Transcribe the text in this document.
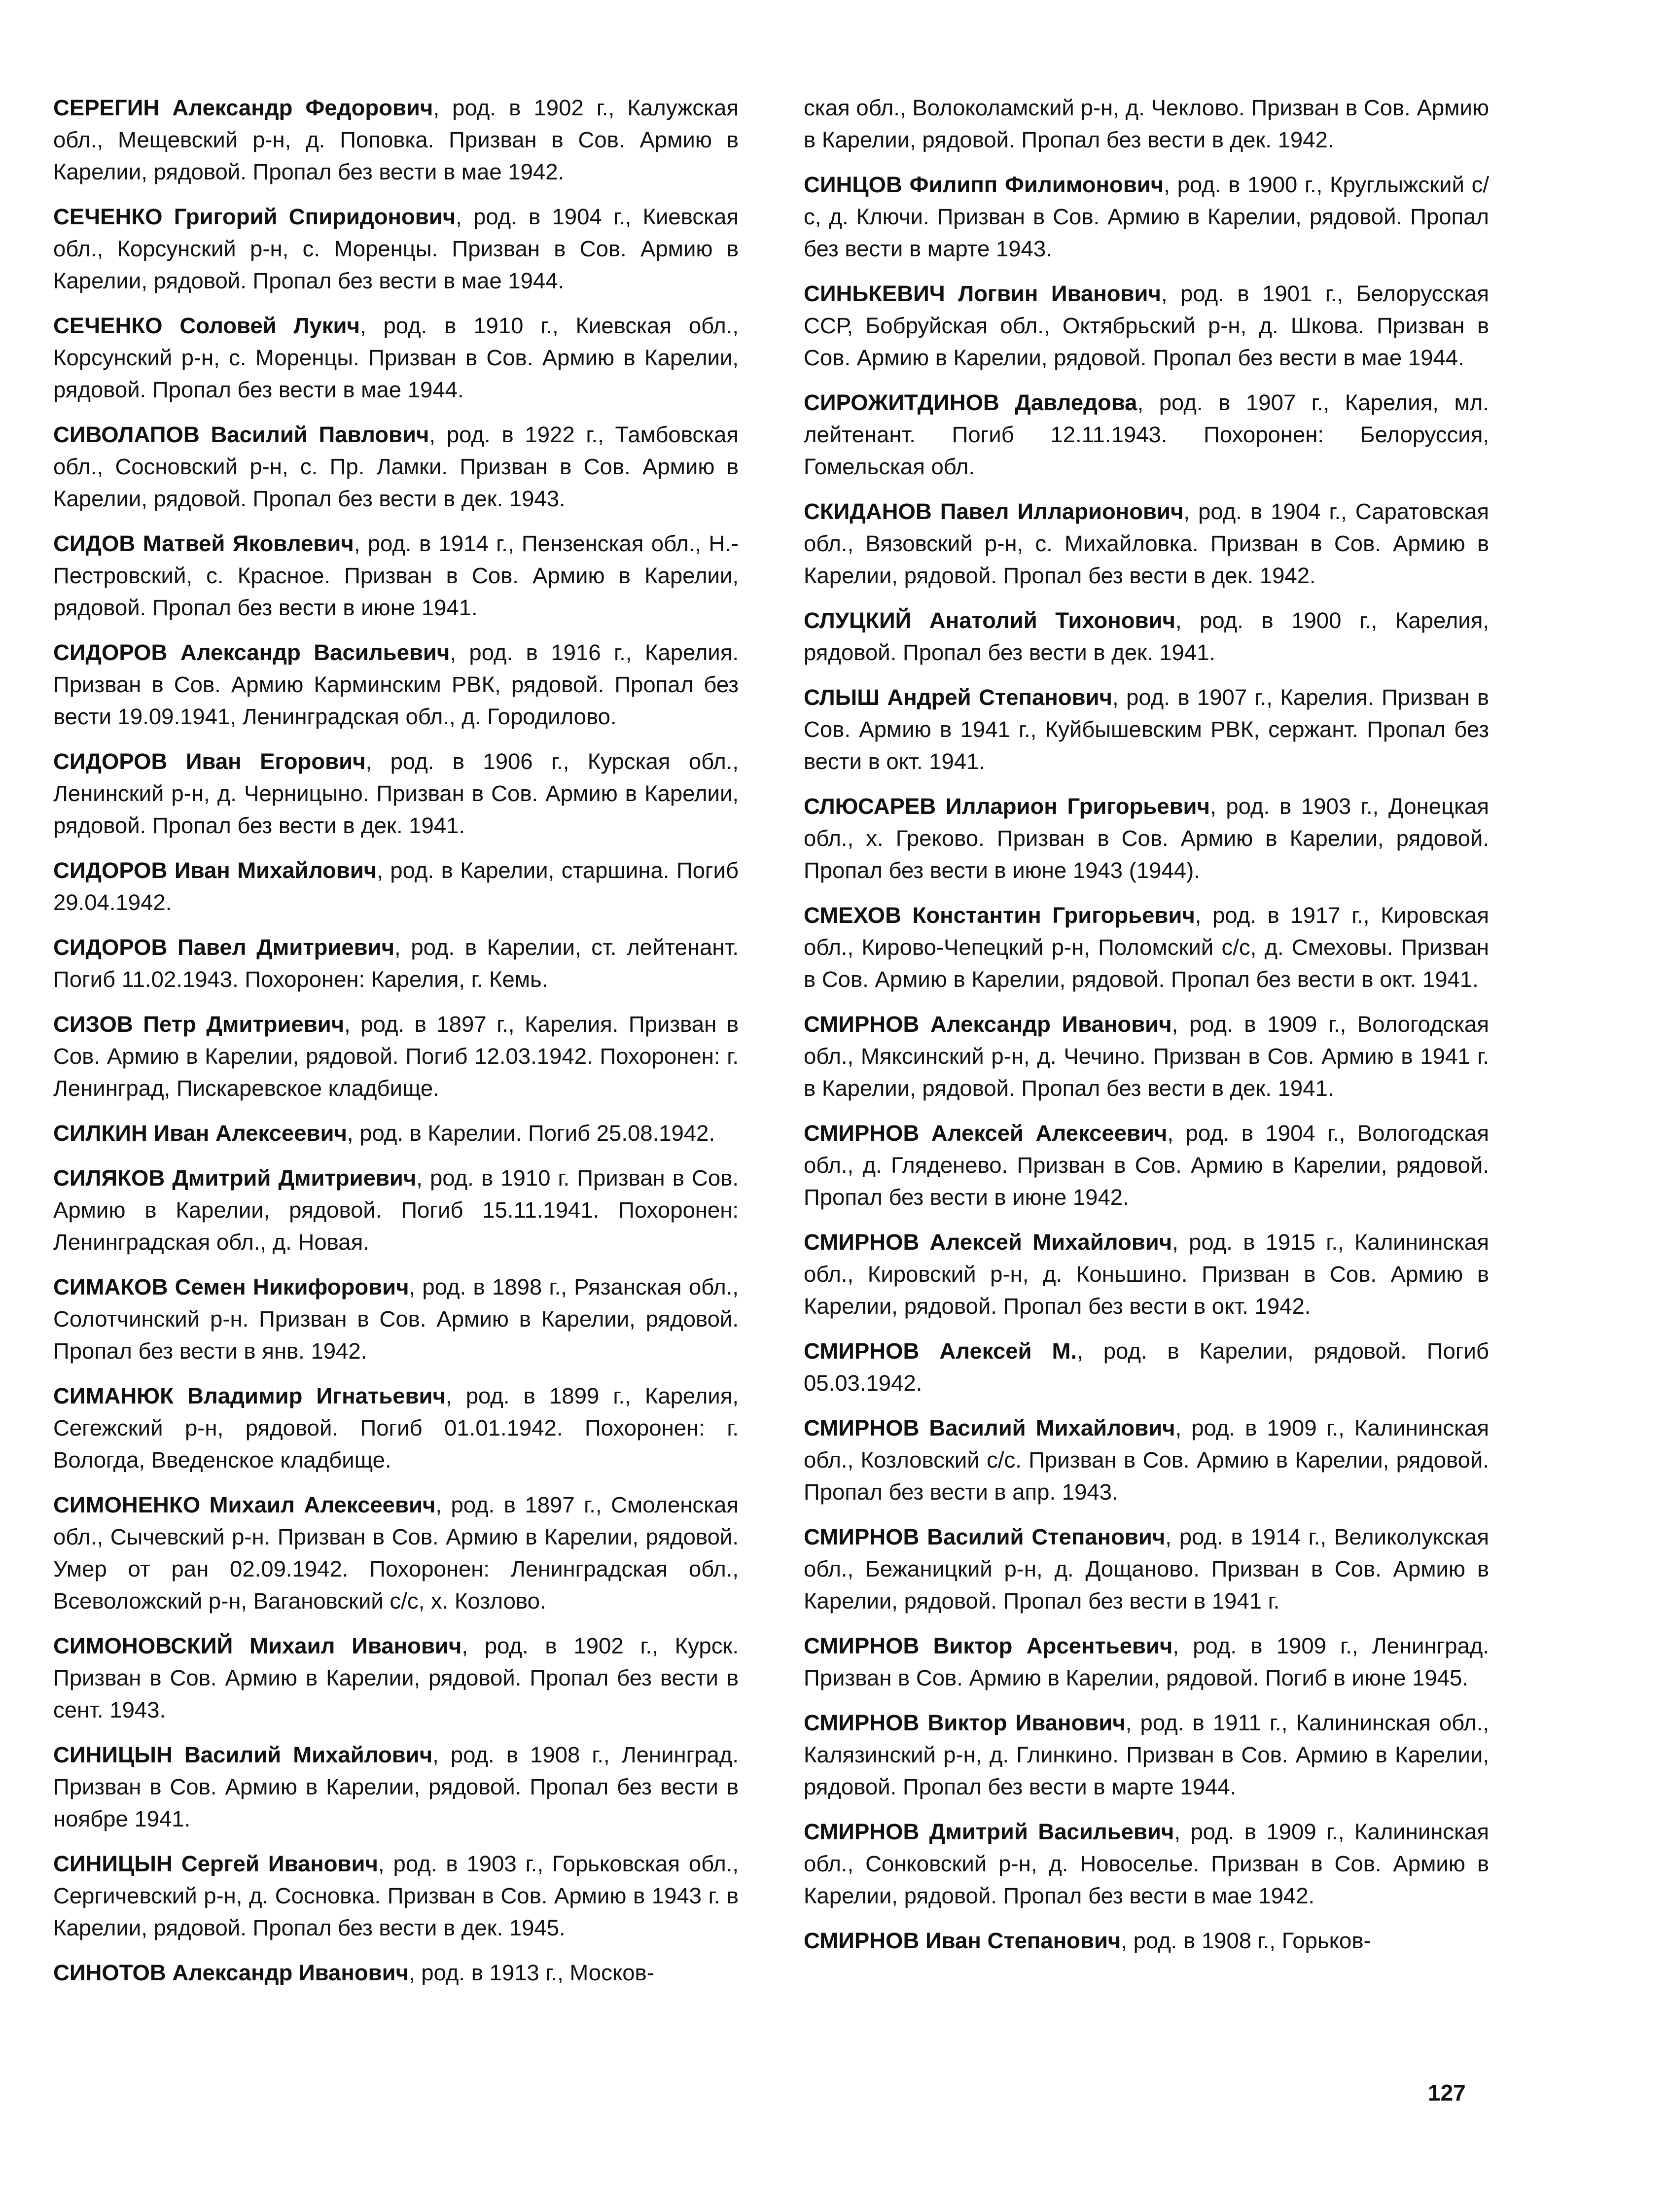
СЕРЕГИН Александр Федорович, род. в 1902 г., Калужская обл., Мещевский р-н, д. Поповка. Призван в Сов. Армию в Карелии, рядовой. Пропал без вести в мае 1942.

СЕЧЕНКО Григорий Спиридонович, род. в 1904 г., Киевская обл., Корсунский р-н, с. Моренцы. Призван в Сов. Армию в Карелии, рядовой. Пропал без вести в мае 1944.

СЕЧЕНКО Соловей Лукич, род. в 1910 г., Киевская обл., Корсунский р-н, с. Моренцы. Призван в Сов. Армию в Карелии, рядовой. Пропал без вести в мае 1944.

СИВОЛАПОВ Василий Павлович, род. в 1922 г., Тамбовская обл., Сосновский р-н, с. Пр. Ламки. Призван в Сов. Армию в Карелии, рядовой. Пропал без вести в дек. 1943.

СИДОВ Матвей Яковлевич, род. в 1914 г., Пензенская обл., Н.-Пестровский, с. Красное. Призван в Сов. Армию в Карелии, рядовой. Пропал без вести в июне 1941.

СИДОРОВ Александр Васильевич, род. в 1916 г., Карелия. Призван в Сов. Армию Карминским РВК, рядовой. Пропал без вести 19.09.1941, Ленинградская обл., д. Городилово.

СИДОРОВ Иван Егорович, род. в 1906 г., Курская обл., Ленинский р-н, д. Черницыно. Призван в Сов. Армию в Карелии, рядовой. Пропал без вести в дек. 1941.

СИДОРОВ Иван Михайлович, род. в Карелии, старшина. Погиб 29.04.1942.

СИДОРОВ Павел Дмитриевич, род. в Карелии, ст. лейтенант. Погиб 11.02.1943. Похоронен: Карелия, г. Кемь.

СИЗОВ Петр Дмитриевич, род. в 1897 г., Карелия. Призван в Сов. Армию в Карелии, рядовой. Погиб 12.03.1942. Похоронен: г. Ленинград, Пискаревское кладбище.

СИЛКИН Иван Алексеевич, род. в Карелии. Погиб 25.08.1942.

СИЛЯКОВ Дмитрий Дмитриевич, род. в 1910 г. Призван в Сов. Армию в Карелии, рядовой. Погиб 15.11.1941. Похоронен: Ленинградская обл., д. Новая.

СИМАКОВ Семен Никифорович, род. в 1898 г., Рязанская обл., Солотчинский р-н. Призван в Сов. Армию в Карелии, рядовой. Пропал без вести в янв. 1942.

СИМАНЮК Владимир Игнатьевич, род. в 1899 г., Карелия, Сегежский р-н, рядовой. Погиб 01.01.1942. Похоронен: г. Вологда, Введенское кладбище.

СИМОНЕНКО Михаил Алексеевич, род. в 1897 г., Смоленская обл., Сычевский р-н. Призван в Сов. Армию в Карелии, рядовой. Умер от ран 02.09.1942. Похоронен: Ленинградская обл., Всеволожский р-н, Вагановский с/с, х. Козлово.

СИМОНОВСКИЙ Михаил Иванович, род. в 1902 г., Курск. Призван в Сов. Армию в Карелии, рядовой. Пропал без вести в сент. 1943.

СИНИЦЫН Василий Михайлович, род. в 1908 г., Ленинград. Призван в Сов. Армию в Карелии, рядовой. Пропал без вести в ноябре 1941.

СИНИЦЫН Сергей Иванович, род. в 1903 г., Горьковская обл., Сергичевский р-н, д. Сосновка. Призван в Сов. Армию в 1943 г. в Карелии, рядовой. Пропал без вести в дек. 1945.

СИНОТОВ Александр Иванович, род. в 1913 г., Москов-

ская обл., Волоколамский р-н, д. Чеклово. Призван в Сов. Армию в Карелии, рядовой. Пропал без вести в дек. 1942.

СИНЦОВ Филипп Филимонович, род. в 1900 г., Круглыжский с/с, д. Ключи. Призван в Сов. Армию в Карелии, рядовой. Пропал без вести в марте 1943.

СИНЬКЕВИЧ Логвин Иванович, род. в 1901 г., Белорусская ССР, Бобруйская обл., Октябрьский р-н, д. Шкова. Призван в Сов. Армию в Карелии, рядовой. Пропал без вести в мае 1944.

СИРОЖИТДИНОВ Давледова, род. в 1907 г., Карелия, мл. лейтенант. Погиб 12.11.1943. Похоронен: Белоруссия, Гомельская обл.

СКИДАНОВ Павел Илларионович, род. в 1904 г., Саратовская обл., Вязовский р-н, с. Михайловка. Призван в Сов. Армию в Карелии, рядовой. Пропал без вести в дек. 1942.

СЛУЦКИЙ Анатолий Тихонович, род. в 1900 г., Карелия, рядовой. Пропал без вести в дек. 1941.

СЛЫШ Андрей Степанович, род. в 1907 г., Карелия. Призван в Сов. Армию в 1941 г., Куйбышевским РВК, сержант. Пропал без вести в окт. 1941.

СЛЮСАРЕВ Илларион Григорьевич, род. в 1903 г., Донецкая обл., х. Греково. Призван в Сов. Армию в Карелии, рядовой. Пропал без вести в июне 1943 (1944).

СМЕХОВ Константин Григорьевич, род. в 1917 г., Кировская обл., Кирово-Чепецкий р-н, Поломский с/с, д. Смеховы. Призван в Сов. Армию в Карелии, рядовой. Пропал без вести в окт. 1941.

СМИРНОВ Александр Иванович, род. в 1909 г., Вологодская обл., Мяксинский р-н, д. Чечино. Призван в Сов. Армию в 1941 г. в Карелии, рядовой. Пропал без вести в дек. 1941.

СМИРНОВ Алексей Алексеевич, род. в 1904 г., Вологодская обл., д. Гляденево. Призван в Сов. Армию в Карелии, рядовой. Пропал без вести в июне 1942.

СМИРНОВ Алексей Михайлович, род. в 1915 г., Калининская обл., Кировский р-н, д. Коньшино. Призван в Сов. Армию в Карелии, рядовой. Пропал без вести в окт. 1942.

СМИРНОВ Алексей М., род. в Карелии, рядовой. Погиб 05.03.1942.

СМИРНОВ Василий Михайлович, род. в 1909 г., Калининская обл., Козловский с/с. Призван в Сов. Армию в Карелии, рядовой. Пропал без вести в апр. 1943.

СМИРНОВ Василий Степанович, род. в 1914 г., Великолукская обл., Бежаницкий р-н, д. Дощаново. Призван в Сов. Армию в Карелии, рядовой. Пропал без вести в 1941 г.

СМИРНОВ Виктор Арсентьевич, род. в 1909 г., Ленинград. Призван в Сов. Армию в Карелии, рядовой. Погиб в июне 1945.

СМИРНОВ Виктор Иванович, род. в 1911 г., Калининская обл., Калязинский р-н, д. Глинкино. Призван в Сов. Армию в Карелии, рядовой. Пропал без вести в марте 1944.

СМИРНОВ Дмитрий Васильевич, род. в 1909 г., Калининская обл., Сонковский р-н, д. Новоселье. Призван в Сов. Армию в Карелии, рядовой. Пропал без вести в мае 1942.

СМИРНОВ Иван Степанович, род. в 1908 г., Горьков-

127
